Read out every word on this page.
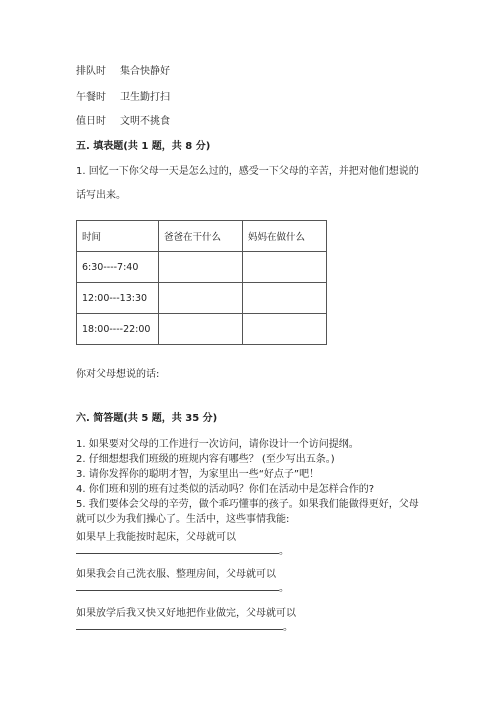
排队时 集合快静好
午餐时 卫生勤打扫
值日时 文明不挑食
五. 填表题(共 1 题，共 8 分)
1. 回忆一下你父母一天是怎么过的，感受一下父母的辛苦，并把对他们想说的
话写出来。
时间	爸爸在干什么	妈妈在做什么
6:30----7:40		
12:00---13:30		
18:00----22:00		
你对父母想说的话:
六. 简答题(共 5 题，共 35 分)
1. 如果要对父母的工作进行一次访问，请你设计一个访问提纲。
2. 仔细想想我们班级的班规内容有哪些？ (至少写出五条。)
3. 请你发挥你的聪明才智，为家里出一些“好点子”吧！
4. 你们班和别的班有过类似的活动吗？你们在活动中是怎样合作的?
5. 我们要体会父母的辛劳，做个乖巧懂事的孩子。如果我们能做得更好，父母
就可以少为我们操心了。生活中，这些事情我能:
如果早上我能按时起床，父母就可以
。
如果我会自己洗衣服、整理房间，父母就可以
。
如果放学后我又快又好地把作业做完，父母就可以
。
